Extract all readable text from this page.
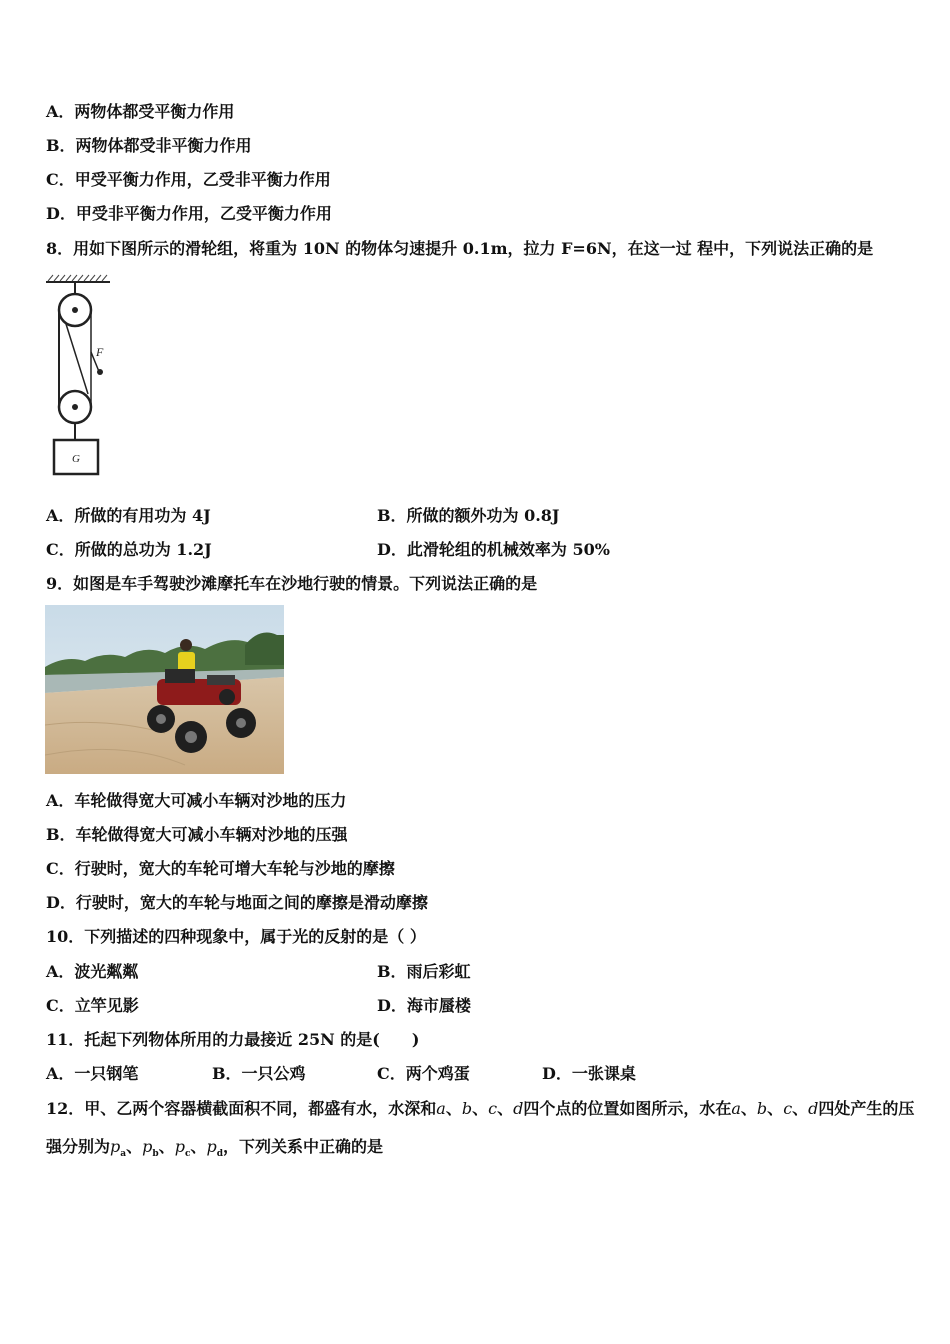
A．两物体都受平衡力作用
B．两物体都受非平衡力作用
C．甲受平衡力作用，乙受非平衡力作用
D．甲受非平衡力作用，乙受平衡力作用
8．用如下图所示的滑轮组，将重为 10N 的物体匀速提升 0.1m，拉力 F=6N，在这一过 程中，下列说法正确的是
F
G
A．所做的有用功为 4J	B．所做的额外功为 0.8J
C．所做的总功为 1.2J	D．此滑轮组的机械效率为 50%
9．如图是车手驾驶沙滩摩托车在沙地行驶的情景。下列说法正确的是
A．车轮做得宽大可减小车辆对沙地的压力
B．车轮做得宽大可减小车辆对沙地的压强
C．行驶时，宽大的车轮可增大车轮与沙地的摩擦
D．行驶时，宽大的车轮与地面之间的摩擦是滑动摩擦
10．下列描述的四种现象中，属于光的反射的是（ ）
A．波光粼粼	B．雨后彩虹
C．立竿见影	D．海市蜃楼
11．托起下列物体所用的力最接近 25N 的是(　　)
A．一只钢笔	B．一只公鸡	C．两个鸡蛋	D．一张课桌
12．甲、乙两个容器横截面积不同，都盛有水，水深和a、b、c、d四个点的位置如图所示，水在a、b、c、d四处产生的压
强分别为$p_a$、$p_b$、$p_c$、$p_d$，下列关系中正确的是
